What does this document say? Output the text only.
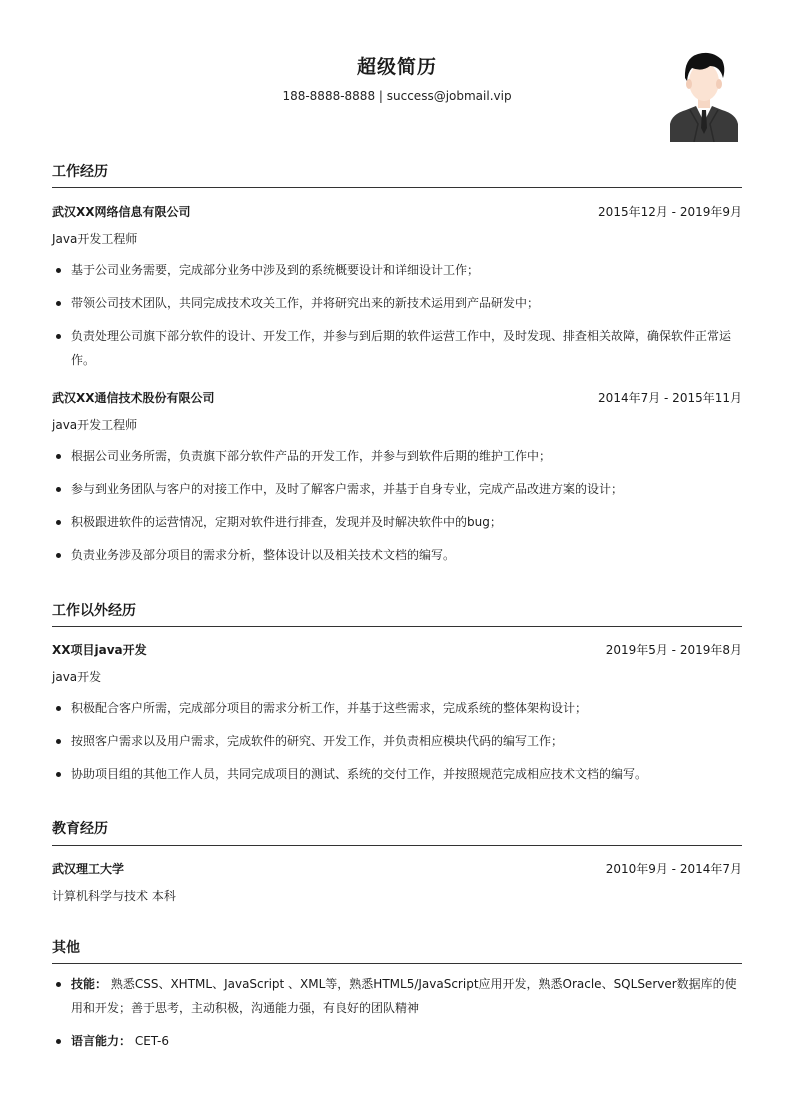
超级简历
188-8888-8888 | success@jobmail.vip
工作经历
武汉XX网络信息有限公司	2015年12月 - 2019年9月
Java开发工程师
基于公司业务需要，完成部分业务中涉及到的系统概要设计和详细设计工作；
带领公司技术团队，共同完成技术攻关工作，并将研究出来的新技术运用到产品研发中；
负责处理公司旗下部分软件的设计、开发工作，并参与到后期的软件运营工作中，及时发现、排查相关故障，确保软件正常运作。
武汉XX通信技术股份有限公司	2014年7月 - 2015年11月
java开发工程师
根据公司业务所需，负责旗下部分软件产品的开发工作，并参与到软件后期的维护工作中；
参与到业务团队与客户的对接工作中，及时了解客户需求，并基于自身专业，完成产品改进方案的设计；
积极跟进软件的运营情况，定期对软件进行排查，发现并及时解决软件中的bug；
负责业务涉及部分项目的需求分析，整体设计以及相关技术文档的编写。
工作以外经历
XX项目java开发	2019年5月 - 2019年8月
java开发
积极配合客户所需，完成部分项目的需求分析工作，并基于这些需求，完成系统的整体架构设计；
按照客户需求以及用户需求，完成软件的研究、开发工作，并负责相应模块代码的编写工作；
协助项目组的其他工作人员，共同完成项目的测试、系统的交付工作，并按照规范完成相应技术文档的编写。
教育经历
武汉理工大学	2010年9月 - 2014年7月
计算机科学与技术 本科
其他
技能： 熟悉CSS、XHTML、JavaScript 、XML等，熟悉HTML5/JavaScript应用开发，熟悉Oracle、SQLServer数据库的使用和开发；善于思考，主动积极，沟通能力强，有良好的团队精神
语言能力： CET-6
